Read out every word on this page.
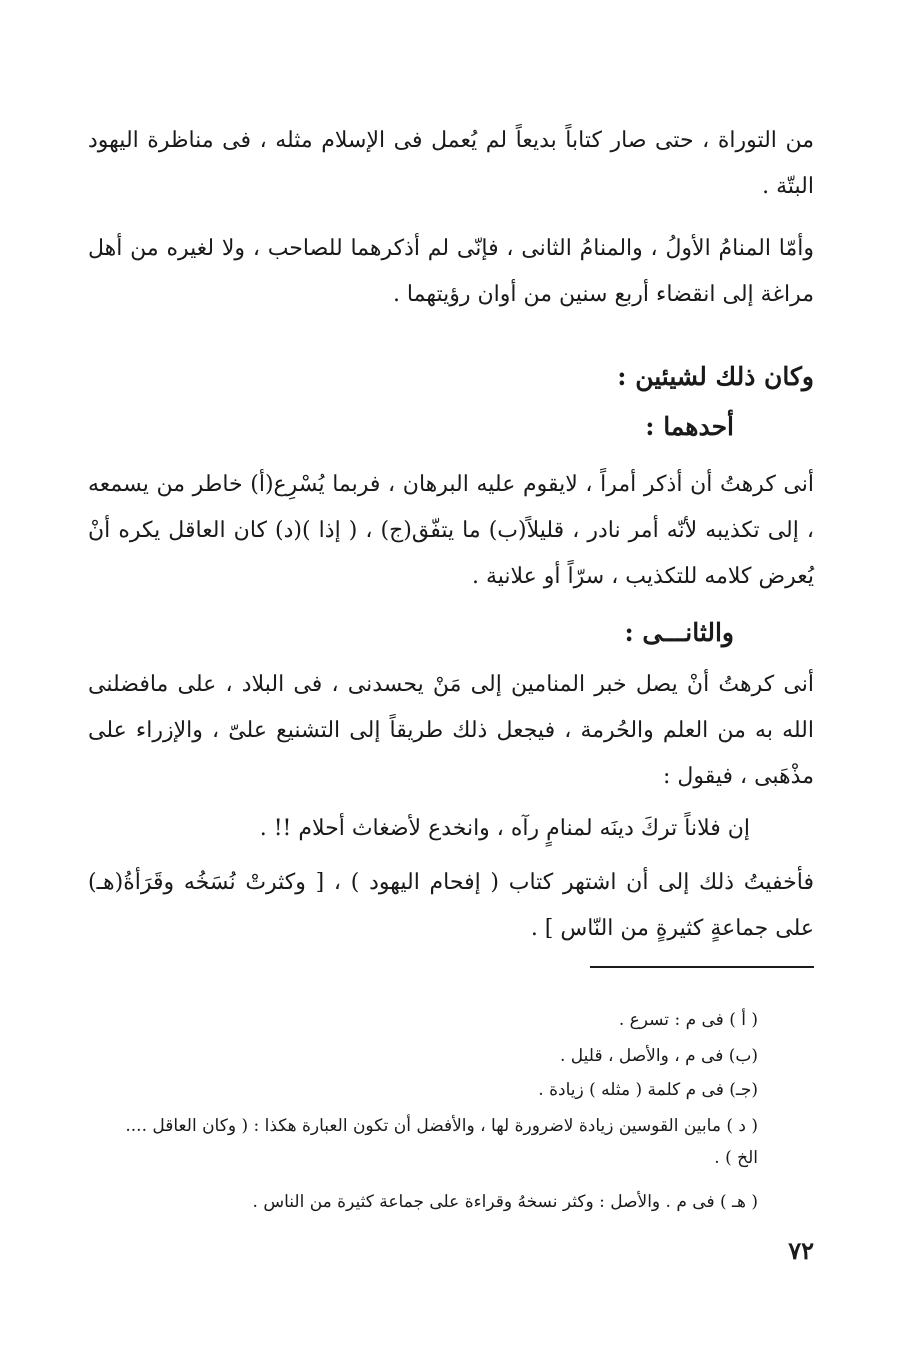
من التوراة ، حتى صار كتاباً بديعاً لم يُعمل فى الإسلام مثله ، فى مناظرة اليهود البتّة .

وأمّا المنامُ الأولُ ، والمنامُ الثانى ، فإنّى لم أذكرهما للصاحب ، ولا لغيره من أهل مراغة إلى انقضاء أربع سنين من أوان رؤيتهما .

وكان ذلك لشيئين :
أحدهما :

أنى كرهتُ أن أذكر أمراً ، لايقوم عليه البرهان ، فربما يُسْرِع(أ) خاطر من يسمعه ، إلى تكذيبه لأنّه أمر نادر ، قليلاً(ب) ما يتفّق(ج) ، ( إذا )(د) كان العاقل يكره أنْ يُعرض كلامه للتكذيب ، سرّاً أو علانية .

والثانـــى :

أنى كرهتُ أنْ يصل خبر المنامين إلى مَنْ يحسدنى ، فى البلاد ، على مافضلنى الله به من العلم والحُرمة ، فيجعل ذلك طريقاً إلى التشنيع علىّ ، والإزراء على مذْهَبى ، فيقول :

إن فلاناً تركَ دينَه لمنامٍ رآه ، وانخدع لأضغاث أحلام !! .

فأخفيتُ ذلك إلى أن اشتهر كتاب ( إفحام اليهود ) ، [ وكثرتْ نُسَخُه وقَرَأةُ(هـ) على جماعةٍ كثيرةٍ من النّاس ] .

( أ ) فى م : تسرع .
(ب) فى م ، والأصل ، قليل .
(جـ) فى م كلمة ( مثله ) زيادة .
( د ) مابين القوسين زيادة لاضرورة لها ، والأفضل أن تكون العبارة هكذا : ( وكان العاقل .... الخ ) .
( هـ ) فى م . والأصل : وكثر نسخهُ وقراءة على جماعة كثيرة من الناس .
٧٢
